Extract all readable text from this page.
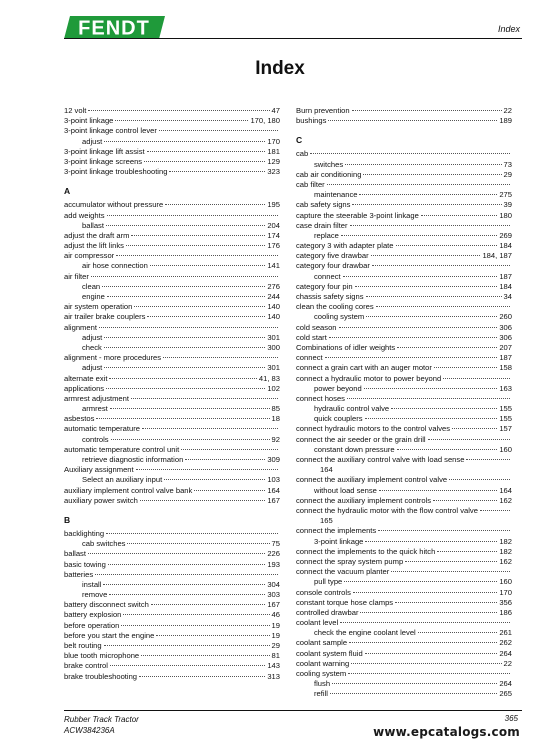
FENDT	Index
Index
12 volt	47
3-point linkage	170, 180
3-point linkage control lever
adjust	170
3-point linkage lift assist	181
3-point linkage screens	129
3-point linkage troubleshooting	323
A
accumulator without pressure	195
add weights
ballast	204
adjust the draft arm	174
adjust the lift links	176
air compressor
air hose connection	141
air filter
clean	276
engine	244
air system operation	140
air trailer brake couplers	140
alignment
adjust	301
check	300
alignment - more procedures
adjust	301
alternate exit	41, 83
applications	102
armrest adjustment
armrest	85
asbestos	18
automatic temperature
controls	92
automatic temperature control unit
retrieve diagnostic information	309
Auxiliary assignment
Select an auxiliary input	103
auxiliary implement control valve bank	164
auxiliary power switch	167
B
backlighting
cab switches	75
ballast	226
basic towing	193
batteries
install	304
remove	303
battery disconnect switch	167
battery explosion	46
before operation	19
before you start the engine	19
belt routing	29
blue tooth microphone	81
brake control	143
brake troubleshooting	313
Burn prevention	22
bushings	189
C
cab
switches	73
cab air conditioning	29
cab filter
maintenance	275
cab safety signs	39
capture the steerable 3-point linkage	180
case drain filter
replace	269
category 3 with adapter plate	184
category five drawbar	184, 187
category four drawbar
connect	187
category four pin	184
chassis safety signs	34
clean the cooling cores
cooling system	260
cold season	306
cold start	306
Combinations of idler weights	207
connect	187
connect a grain cart with an auger motor	158
connect a hydraulic motor to power beyond
power beyond	163
connect hoses
hydraulic control valve	155
quick couplers	155
connect hydraulic motors to the control valves	157
connect the air seeder or the grain drill
constant down pressure	160
connect the auxiliary control valve with load sense
164
connect the auxiliary implement control valve
without load sense	164
connect the auxiliary implement controls	162
connect the hydraulic motor with the flow control valve
165
connect the implements
3-point linkage	182
connect the implements to the quick hitch	182
connect the spray system pump	162
connect the vacuum planter
pull type	160
console controls	170
constant torque hose clamps	356
controlled drawbar	186
coolant level
check the engine coolant level	261
coolant sample	262
coolant system fluid	264
coolant warning	22
cooling system
flush	264
refill	265
Rubber Track Tractor
ACW384236A
365
www.epcatalogs.com
